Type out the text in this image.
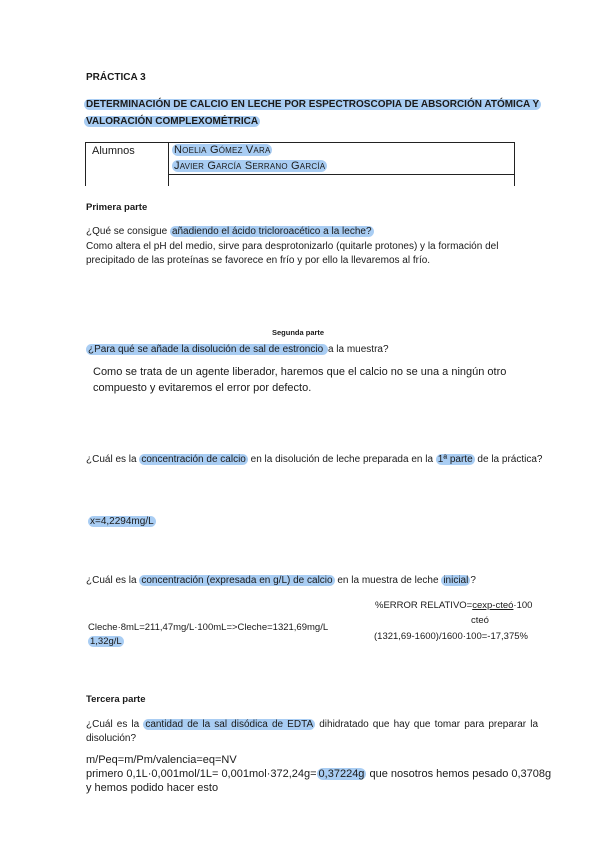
PRÁCTICA 3
DETERMINACIÓN DE CALCIO EN LECHE POR ESPECTROSCOPIA DE ABSORCIÓN ATÓMICA Y
VALORACIÓN COMPLEXOMÉTRICA
Alumnos	Noelia Gómez Vara
Javier García Serrano García
Primera parte
¿Qué se consigue añadiendo el ácido tricloroacético a la leche?
Como altera el pH del medio, sirve para desprotonizarlo (quitarle protones) y la formación del
precipitado de las proteínas se favorece en frío y por ello la llevaremos al frío.
Segunda parte
¿Para qué se añade la disolución de sal de estroncio a la muestra?
Como se trata de un agente liberador, haremos que el calcio no se una a ningún otro
compuesto y evitaremos el error por defecto.
¿Cuál es la concentración de calcio en la disolución de leche preparada en la 1ª parte de la práctica?
x=4,2294mg/L
¿Cuál es la concentración (expresada en g/L) de calcio en la muestra de leche inicial ?
%ERROR RELATIVO=cexp-cteó·100
cteó
Cleche·8mL=211,47mg/L·100mL=>Cleche=1321,69mg/L
1,32g/L	(1321,69-1600)/1600·100=-17,375%
Tercera parte
¿Cuál es la cantidad de la sal disódica de EDTA dihidratado que hay que tomar para preparar la
disolución?
m/Peq=m/Pm/valencia=eq=NV
primero 0,1L·0,001mol/1L= 0,001mol·372,24g= 0,37224g que nosotros hemos pesado 0,3708g
y hemos podido hacer esto
